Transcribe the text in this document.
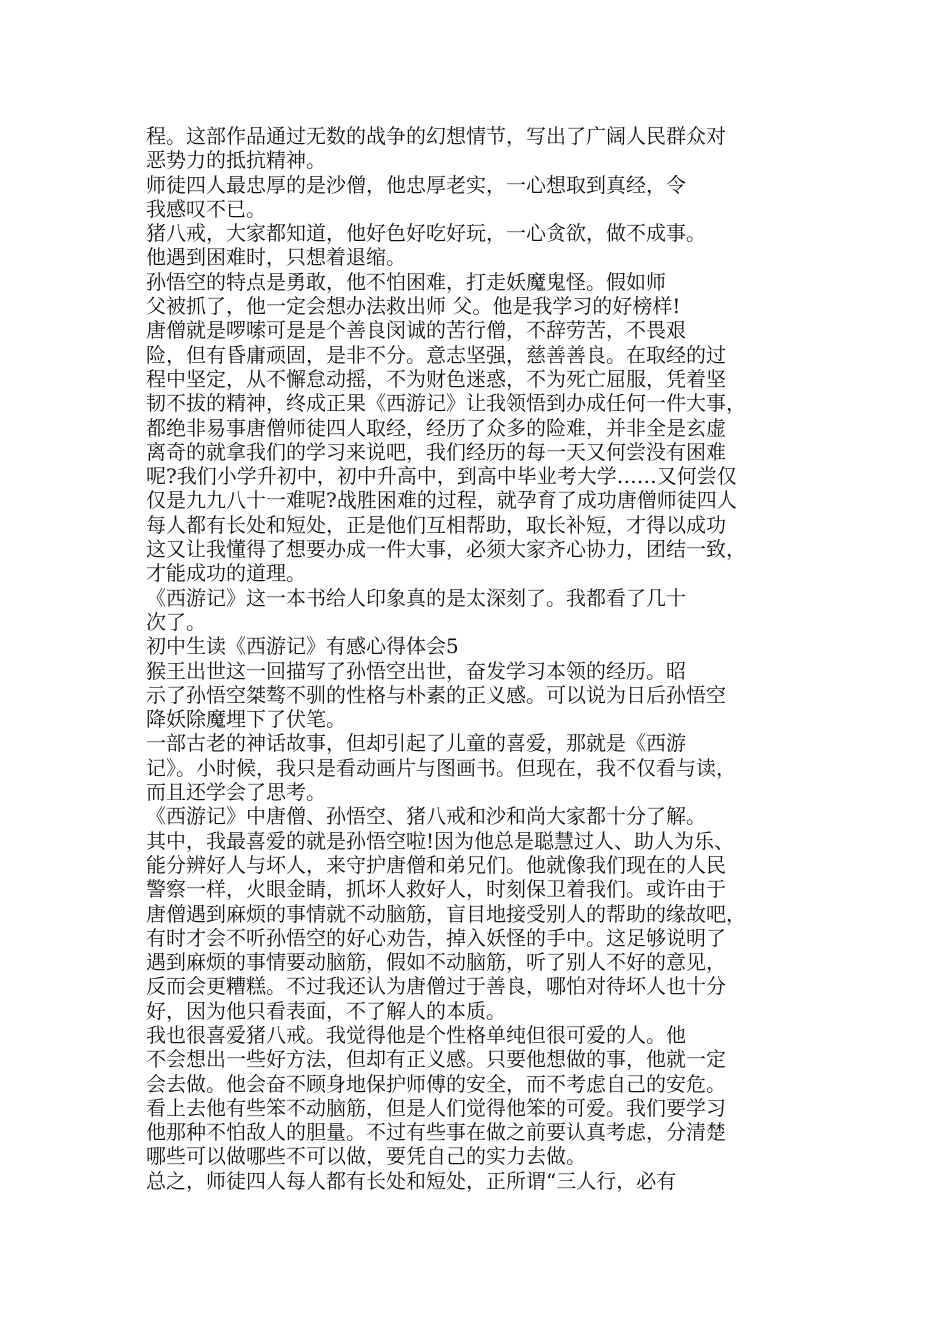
程。这部作品通过无数的战争的幻想情节，写出了广阔人民群众对

恶势力的抵抗精神。

师徒四人最忠厚的是沙僧，他忠厚老实，一心想取到真经，令

我感叹不已。

猪八戒，大家都知道，他好色好吃好玩，一心贪欲，做不成事。

他遇到困难时，只想着退缩。

孙悟空的特点是勇敢，他不怕困难，打走妖魔鬼怪。假如师

父被抓了，他一定会想办法救出师 父。他是我学习的好榜样!

唐僧就是啰嗦可是是个善良闵诚的苦行僧，不辞劳苦，不畏艰

险，但有昏庸顽固，是非不分。意志坚强，慈善善良。在取经的过

程中坚定，从不懈怠动摇，不为财色迷惑，不为死亡屈服，凭着坚

韧不拔的精神，终成正果《西游记》让我领悟到办成任何一件大事，

都绝非易事唐僧师徒四人取经，经历了众多的险难，并非全是玄虚

离奇的就拿我们的学习来说吧，我们经历的每一天又何尝没有困难

呢?我们小学升初中，初中升高中，到高中毕业考大学……又何尝仅

仅是九九八十一难呢?战胜困难的过程，就孕育了成功唐僧师徒四人

每人都有长处和短处，正是他们互相帮助，取长补短，才得以成功

这又让我懂得了想要办成一件大事，必须大家齐心协力，团结一致，

才能成功的道理。

《西游记》这一本书给人印象真的是太深刻了。我都看了几十

次了。

初中生读《西游记》有感心得体会5

猴王出世这一回描写了孙悟空出世，奋发学习本领的经历。昭

示了孙悟空桀骜不驯的性格与朴素的正义感。可以说为日后孙悟空

降妖除魔埋下了伏笔。

一部古老的神话故事，但却引起了儿童的喜爱，那就是《西游

记》。小时候，我只是看动画片与图画书。但现在，我不仅看与读，

而且还学会了思考。

《西游记》中唐僧、孙悟空、猪八戒和沙和尚大家都十分了解。

其中，我最喜爱的就是孙悟空啦!因为他总是聪慧过人、助人为乐、

能分辨好人与坏人，来守护唐僧和弟兄们。他就像我们现在的人民

警察一样，火眼金睛，抓坏人救好人，时刻保卫着我们。或许由于

唐僧遇到麻烦的事情就不动脑筋，盲目地接受别人的帮助的缘故吧，

有时才会不听孙悟空的好心劝告，掉入妖怪的手中。这足够说明了

遇到麻烦的事情要动脑筋，假如不动脑筋，听了别人不好的意见，

反而会更糟糕。不过我还认为唐僧过于善良，哪怕对待坏人也十分

好，因为他只看表面，不了解人的本质。

我也很喜爱猪八戒。我觉得他是个性格单纯但很可爱的人。他

不会想出一些好方法，但却有正义感。只要他想做的事，他就一定

会去做。他会奋不顾身地保护师傅的安全，而不考虑自己的安危。

看上去他有些笨不动脑筋，但是人们觉得他笨的可爱。我们要学习

他那种不怕敌人的胆量。不过有些事在做之前要认真考虑，分清楚

哪些可以做哪些不可以做，要凭自己的实力去做。

总之，师徒四人每人都有长处和短处，正所谓“三人行，必有
